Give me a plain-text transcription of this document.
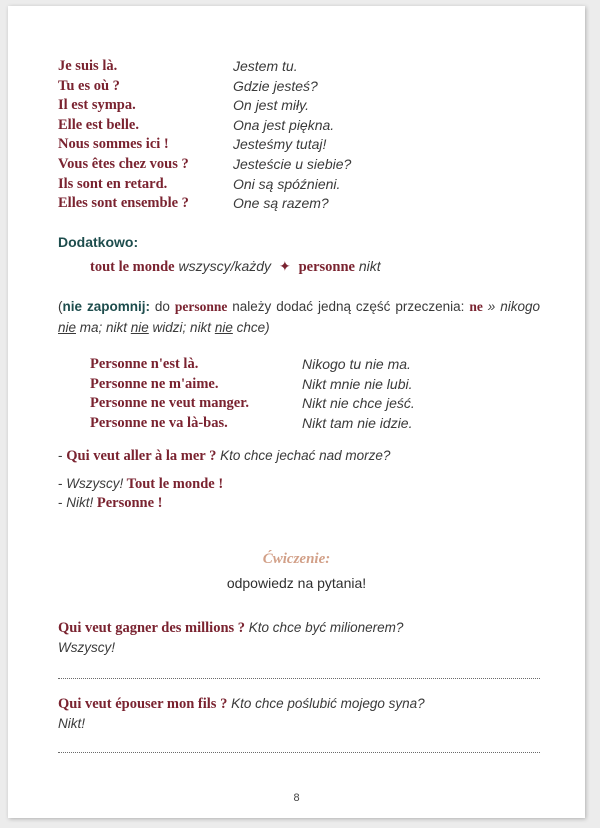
Je suis là.	Jestem tu.
Tu es où ?	Gdzie jesteś?
Il est sympa.	On jest miły.
Elle est belle.	Ona jest piękna.
Nous sommes ici !	Jesteśmy tutaj!
Vous êtes chez vous ?	Jesteście u siebie?
Ils sont en retard.	Oni są spóźnieni.
Elles sont ensemble ?	One są razem?
Dodatkowo:
tout le monde wszyscy/każdy ✦ personne nikt
(nie zapomnij: do personne należy dodać jedną część przeczenia: ne » nikogo nie ma; nikt nie widzi; nikt nie chce)
Personne n'est là.	Nikogo tu nie ma.
Personne ne m'aime.	Nikt mnie nie lubi.
Personne ne veut manger.	Nikt nie chce jeść.
Personne ne va là-bas.	Nikt tam nie idzie.
- Qui veut aller à la mer ? Kto chce jechać nad morze?
- Wszyscy! Tout le monde !
- Nikt! Personne !
Ćwiczenie:
odpowiedz na pytania!
Qui veut gagner des millions ? Kto chce być milionerem?
Wszyscy!
Qui veut épouser mon fils ? Kto chce poślubić mojego syna?
Nikt!
8
